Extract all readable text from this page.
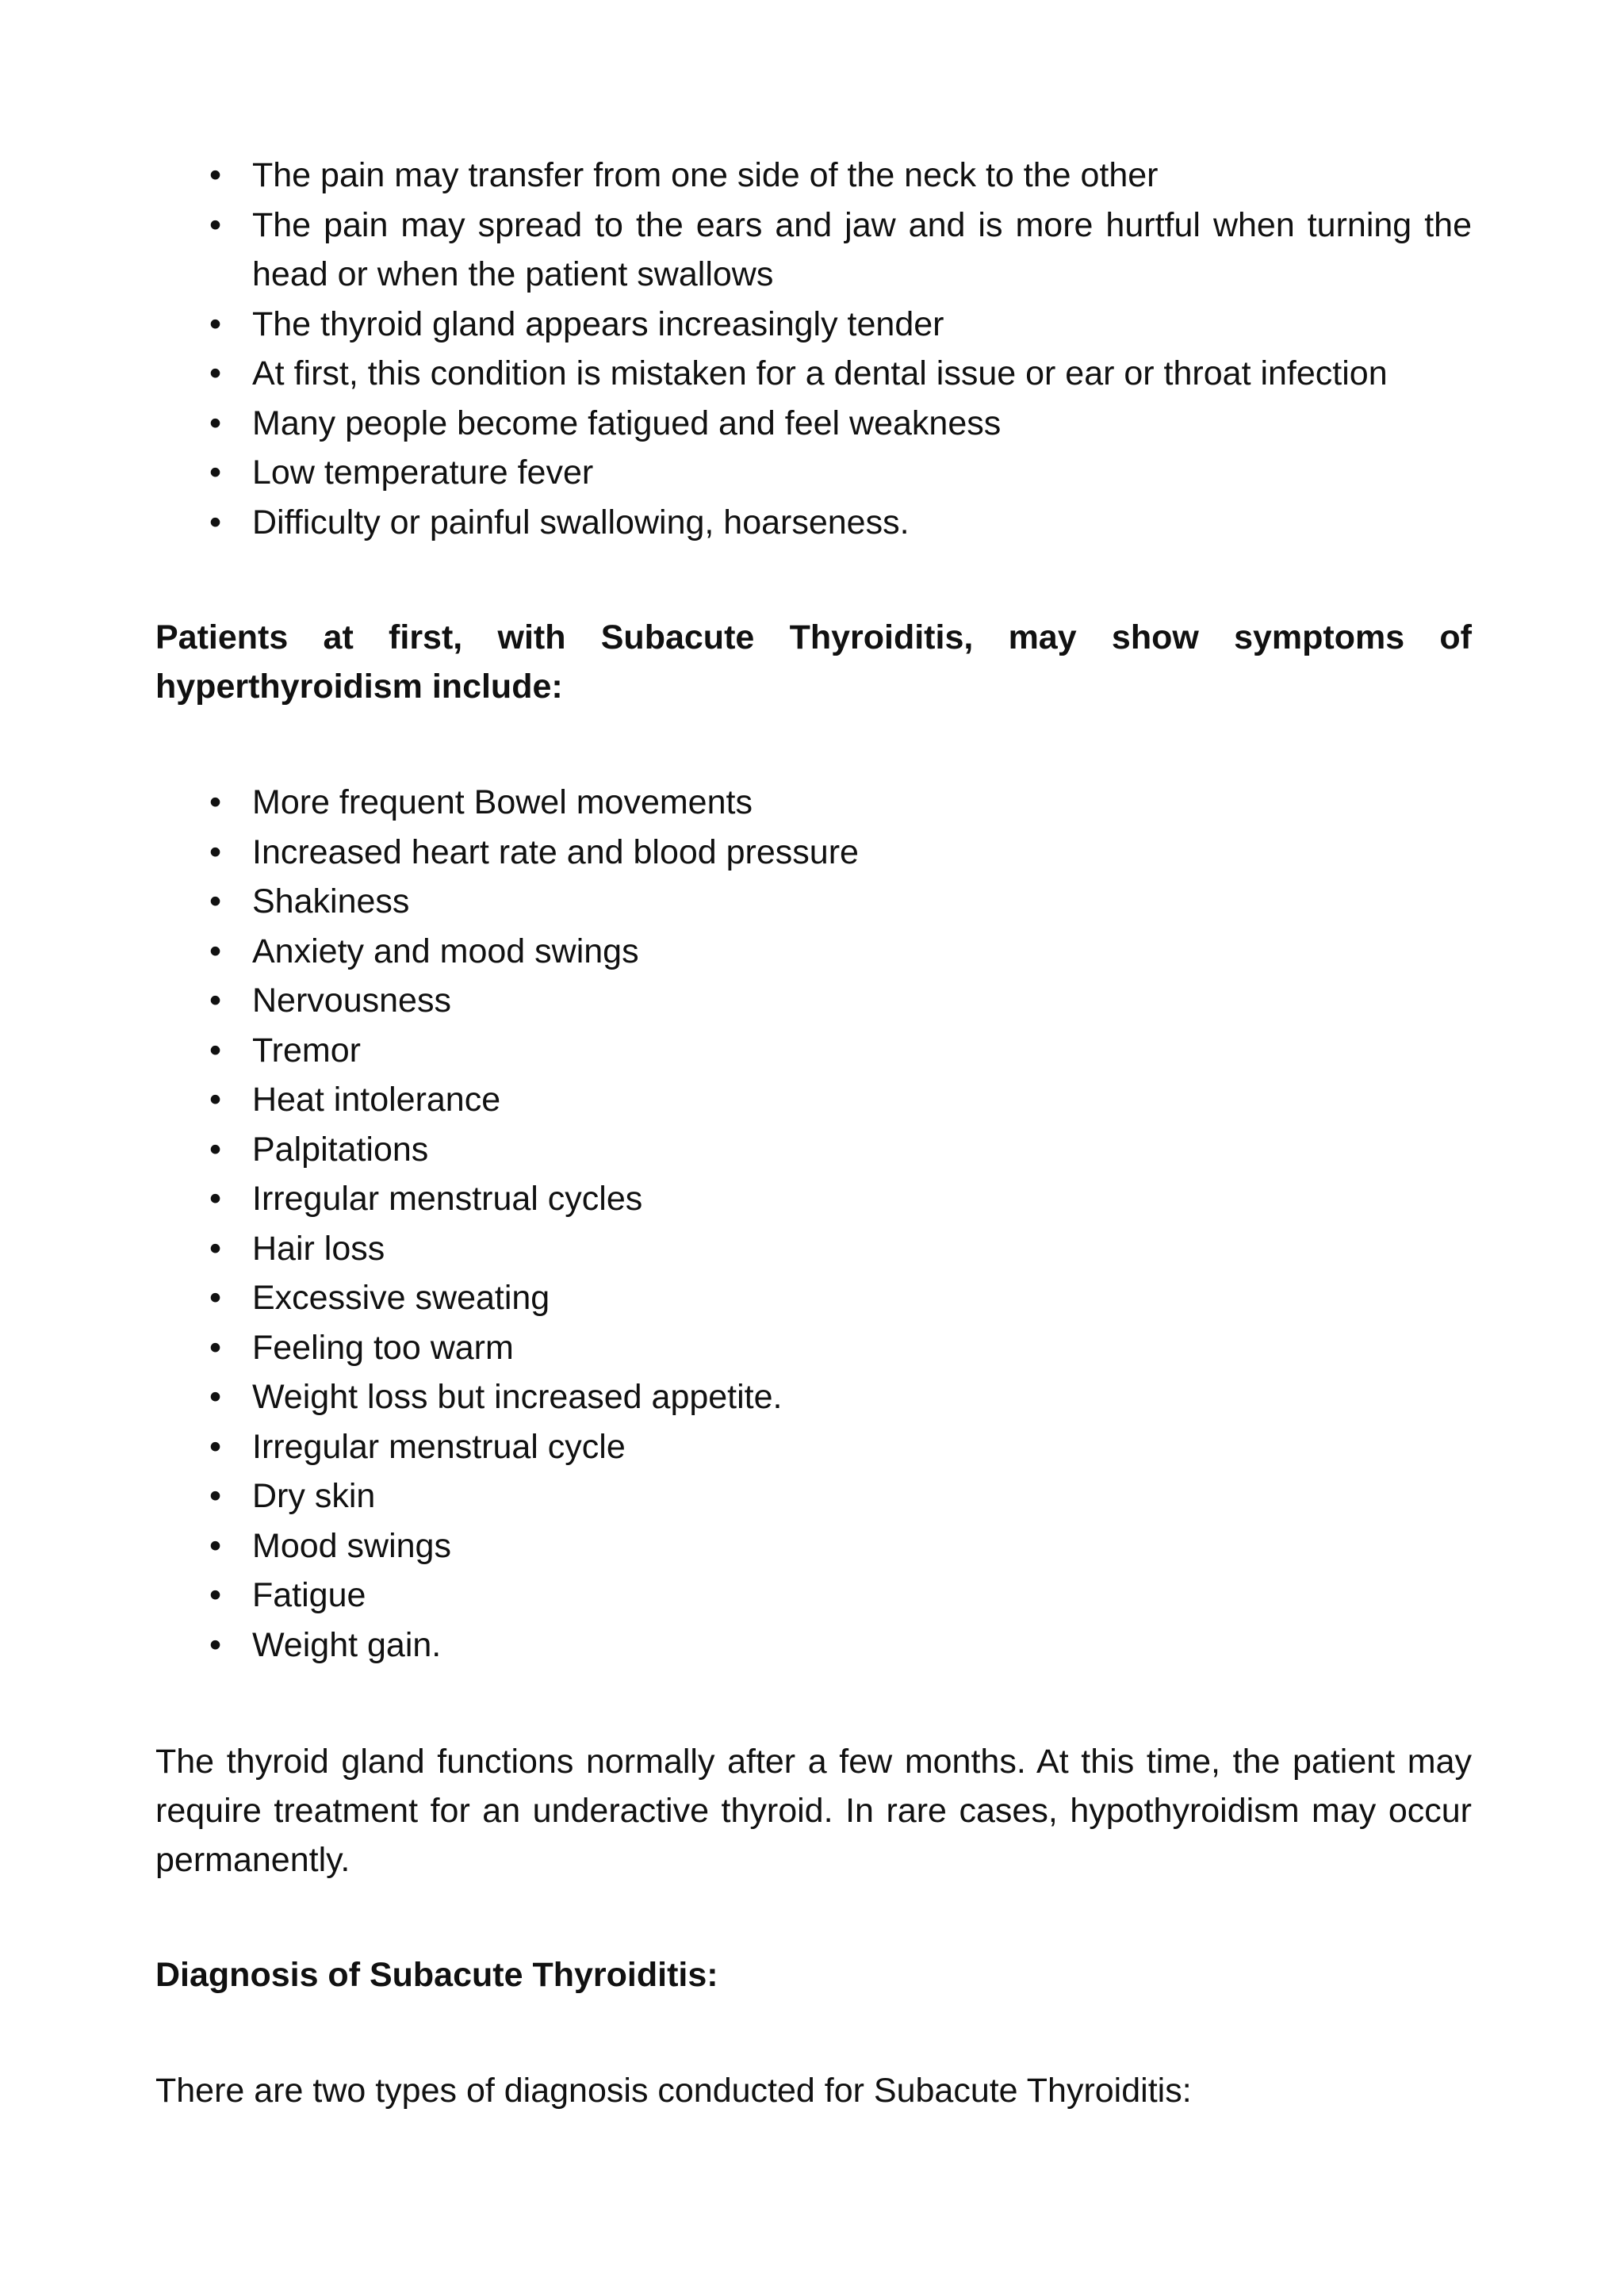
• The pain may transfer from one side of the neck to the other
• The pain may spread to the ears and jaw and is more hurtful when turning the head or when the patient swallows
• The thyroid gland appears increasingly tender
• At first, this condition is mistaken for a dental issue or ear or throat infection
• Many people become fatigued and feel weakness
• Low temperature fever
• Difficulty or painful swallowing, hoarseness.

Patients at first, with Subacute Thyroiditis, may show symptoms of hyperthyroidism include:

• More frequent Bowel movements
• Increased heart rate and blood pressure
• Shakiness
• Anxiety and mood swings
• Nervousness
• Tremor
• Heat intolerance
• Palpitations
• Irregular menstrual cycles
• Hair loss
• Excessive sweating
• Feeling too warm
• Weight loss but increased appetite.
• Irregular menstrual cycle
• Dry skin
• Mood swings
• Fatigue
• Weight gain.

The thyroid gland functions normally after a few months. At this time, the patient may require treatment for an underactive thyroid. In rare cases, hypothyroidism may occur permanently.

Diagnosis of Subacute Thyroiditis:

There are two types of diagnosis conducted for Subacute Thyroiditis:
